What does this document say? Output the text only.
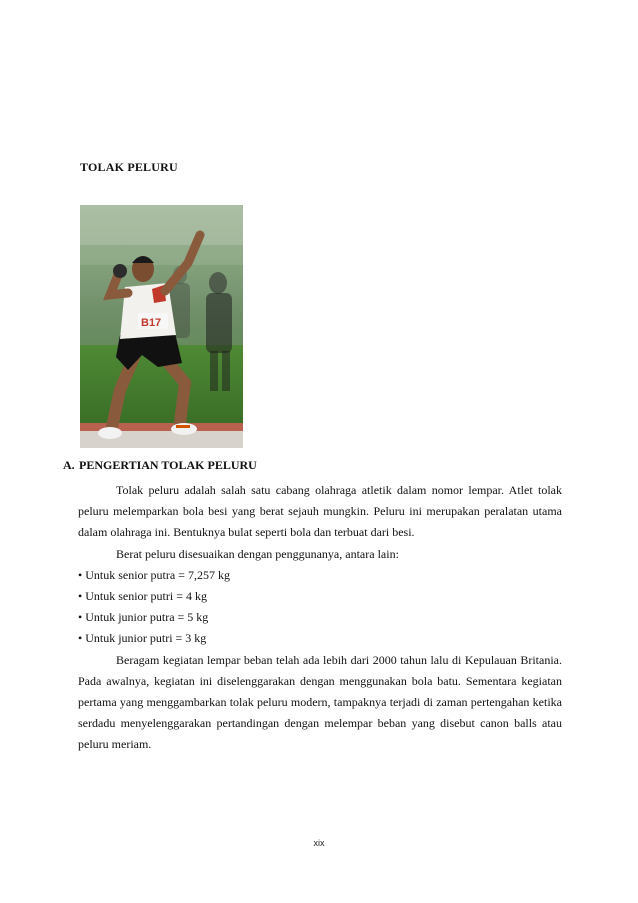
TOLAK PELURU
B17
A. PENGERTIAN TOLAK PELURU

Tolak peluru adalah salah satu cabang olahraga atletik dalam nomor lempar. Atlet tolak peluru melemparkan bola besi yang berat sejauh mungkin. Peluru ini merupakan peralatan utama dalam olahraga ini. Bentuknya bulat seperti bola dan terbuat dari besi.

Berat peluru disesuaikan dengan penggunanya, antara lain:

• Untuk senior putra = 7,257 kg

• Untuk senior putri = 4 kg

• Untuk junior putra = 5 kg

• Untuk junior putri = 3 kg

Beragam kegiatan lempar beban telah ada lebih dari 2000 tahun lalu di Kepulauan Britania. Pada awalnya, kegiatan ini diselenggarakan dengan menggunakan bola batu. Sementara kegiatan pertama yang menggambarkan tolak peluru modern, tampaknya terjadi di zaman pertengahan ketika serdadu menyelenggarakan pertandingan dengan melempar beban yang disebut canon balls atau peluru meriam.

xix
